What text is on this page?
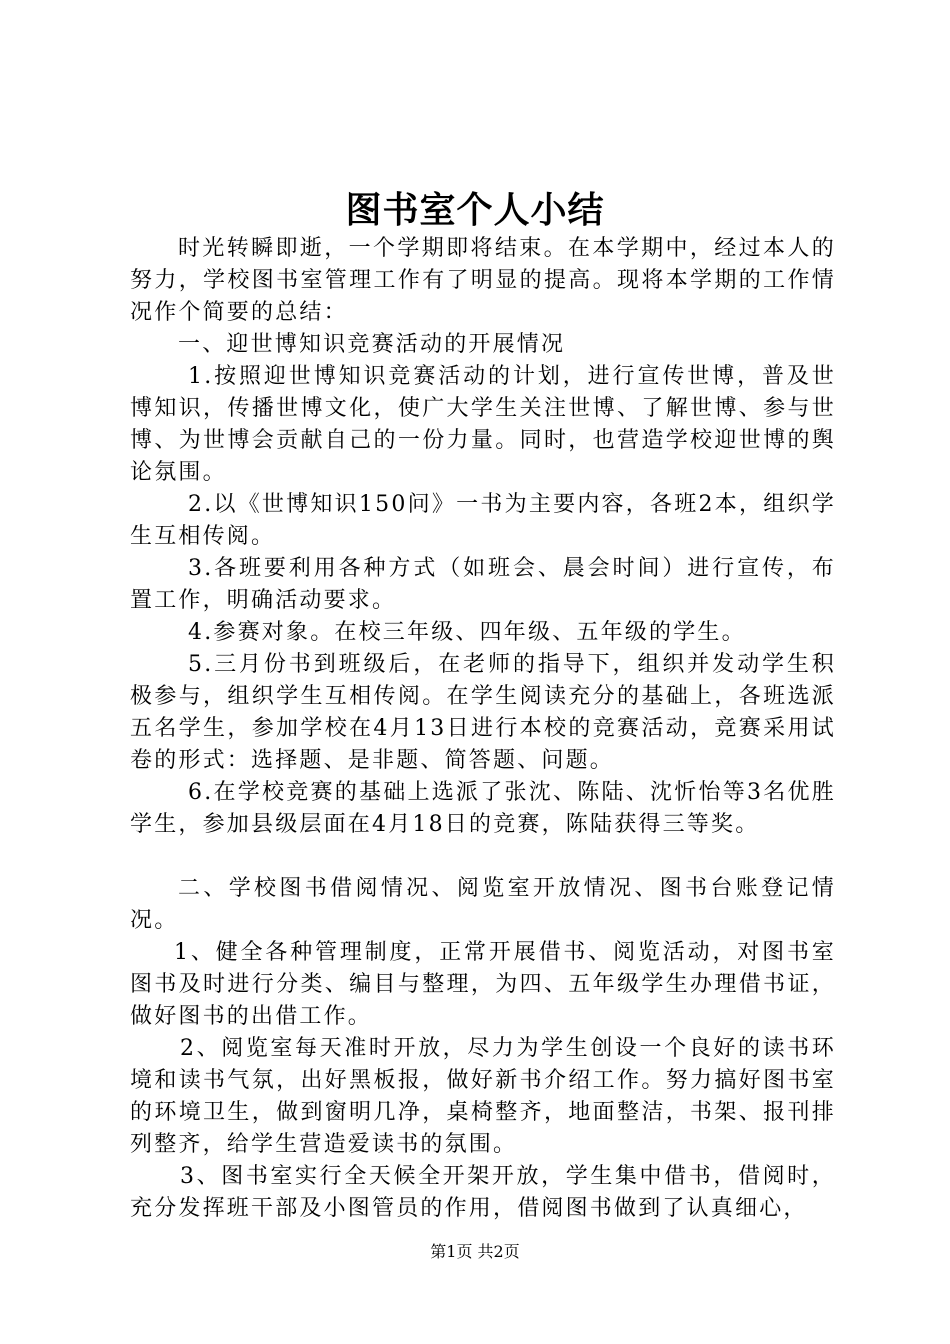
图书室个人小结

时光转瞬即逝，一个学期即将结束。在本学期中，经过本人的努力，学校图书室管理工作有了明显的提高。现将本学期的工作情况作个简要的总结：

一、迎世博知识竞赛活动的开展情况

1.按照迎世博知识竞赛活动的计划，进行宣传世博，普及世博知识，传播世博文化，使广大学生关注世博、了解世博、参与世博、为世博会贡献自己的一份力量。同时，也营造学校迎世博的舆论氛围。

2.以《世博知识150问》一书为主要内容，各班2本，组织学生互相传阅。

3.各班要利用各种方式（如班会、晨会时间）进行宣传，布置工作，明确活动要求。

4.参赛对象。在校三年级、四年级、五年级的学生。

5.三月份书到班级后，在老师的指导下，组织并发动学生积极参与，组织学生互相传阅。在学生阅读充分的基础上，各班选派五名学生，参加学校在4月13日进行本校的竞赛活动，竞赛采用试卷的形式：选择题、是非题、简答题、问题。

6.在学校竞赛的基础上选派了张沈、陈陆、沈忻怡等3名优胜学生，参加县级层面在4月18日的竞赛，陈陆获得三等奖。

二、学校图书借阅情况、阅览室开放情况、图书台账登记情况。

1、健全各种管理制度，正常开展借书、阅览活动，对图书室图书及时进行分类、编目与整理，为四、五年级学生办理借书证，做好图书的出借工作。

2、阅览室每天准时开放，尽力为学生创设一个良好的读书环境和读书气氛，出好黑板报，做好新书介绍工作。努力搞好图书室的环境卫生，做到窗明几净，桌椅整齐，地面整洁，书架、报刊排列整齐，给学生营造爱读书的氛围。

3、图书室实行全天候全开架开放，学生集中借书，借阅时，充分发挥班干部及小图管员的作用，借阅图书做到了认真细心，

第1页 共2页
